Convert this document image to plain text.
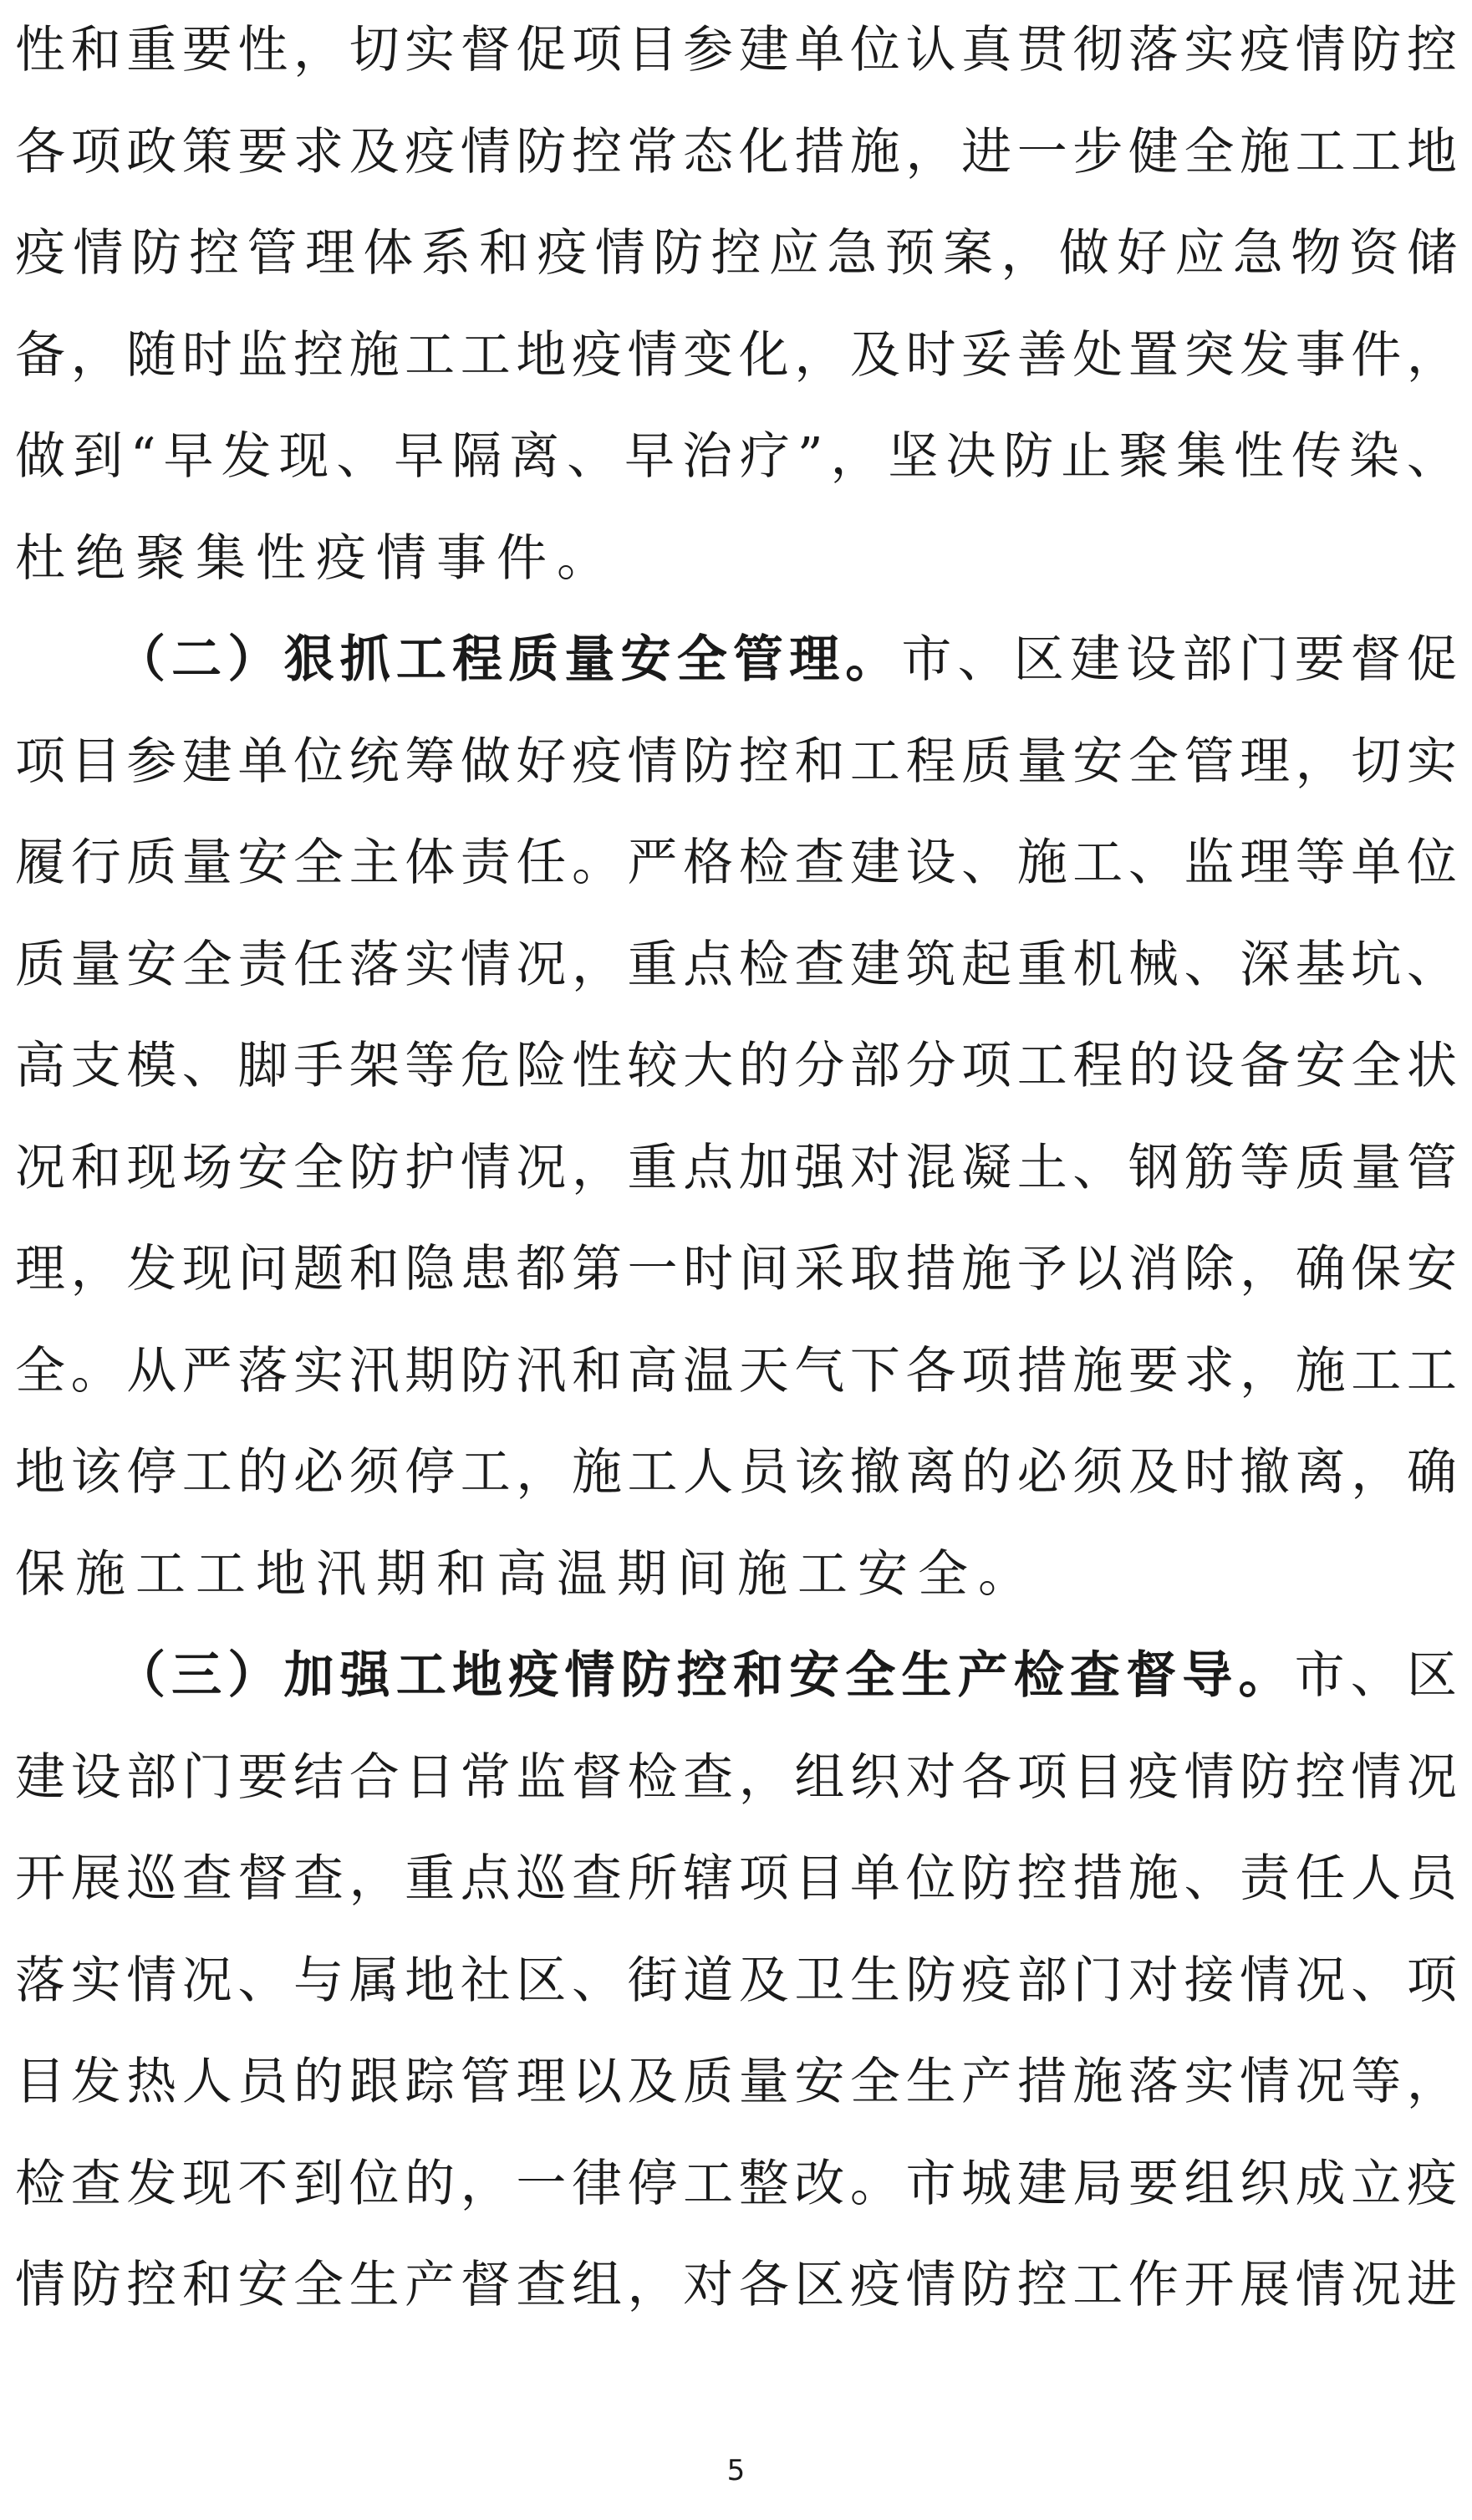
性 和 重 要 性 ， 切 实 督 促 项 目 参 建 单 位 认 真 贯 彻 落 实 疫 情 防 控
各 项 政 策 要 求 及 疫 情 防 控 常 态 化 措 施 ， 进 一 步 健 全 施 工 工 地
疫 情 防 控 管 理 体 系 和 疫 情 防 控 应 急 预 案 ， 做 好 应 急 物 资 储
备 ， 随 时 监 控 施 工 工 地 疫 情 变 化 ， 及 时 妥 善 处 置 突 发 事 件 ，
做 到 “ 早 发 现 、 早 隔 离 、 早 治 疗 ” ， 坚 决 防 止 聚 集 性 传 染 、
杜 绝 聚 集 性 疫 情 事 件 。
（ 二 ） 狠 抓 工 程 质 量 安 全 管 理 。 市 、 区 建 设 部 门 要 督 促
项 目 参 建 单 位 统 筹 做 好 疫 情 防 控 和 工 程 质 量 安 全 管 理 ， 切 实
履 行 质 量 安 全 主 体 责 任 。 严 格 检 查 建 设 、 施 工 、 监 理 等 单 位
质 量 安 全 责 任 落 实 情 况 ， 重 点 检 查 建 筑 起 重 机 械 、 深 基 坑 、
高 支 模 、 脚 手 架 等 危 险 性 较 大 的 分 部 分 项 工 程 的 设 备 安 全 状
况 和 现 场 安 全 防 护 情 况 ， 重 点 加 强 对 混 凝 土 、 钢 筋 等 质 量 管
理 ， 发 现 问 题 和 隐 患 都 第 一 时 间 采 取 措 施 予 以 消 除 ， 确 保 安
全 。 从 严 落 实 汛 期 防 汛 和 高 温 天 气 下 各 项 措 施 要 求 ， 施 工 工
地 该 停 工 的 必 须 停 工 ， 施 工 人 员 该 撤 离 的 必 须 及 时 撤 离 ， 确
保 施 工 工 地 汛 期 和 高 温 期 间 施 工 安 全 。
（ 三 ） 加 强 工 地 疫 情 防 控 和 安 全 生 产 检 查 督 导 。 市 、 区
建 设 部 门 要 结 合 日 常 监 督 检 查 ， 组 织 对 各 项 目 疫 情 防 控 情 况
开 展 巡 查 督 查 ， 重 点 巡 查 所 辖 项 目 单 位 防 控 措 施 、 责 任 人 员
落 实 情 况 、 与 属 地 社 区 、 街 道 及 卫 生 防 疫 部 门 对 接 情 况 、 项
目 发 热 人 员 的 跟 踪 管 理 以 及 质 量 安 全 生 产 措 施 落 实 情 况 等 ，
检 查 发 现 不 到 位 的 ， 一 律 停 工 整 改 。 市 城 建 局 要 组 织 成 立 疫
情 防 控 和 安 全 生 产 督 查 组 ， 对 各 区 疫 情 防 控 工 作 开 展 情 况 进
5
